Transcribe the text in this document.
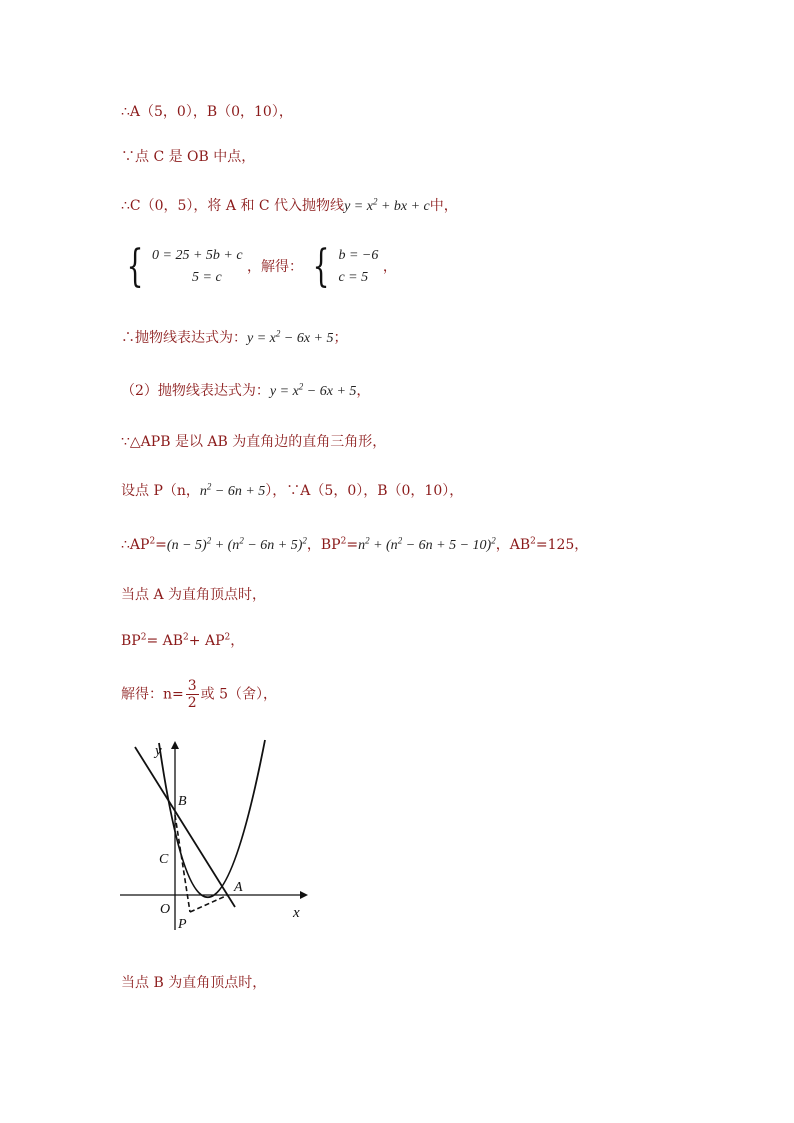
∴A（5，0），B（0，10），
∵点 C 是 OB 中点，
∴C（0，5），将 A 和 C 代入抛物线$y = x^2$ + bx + c中，
{ 0 = 25 + 5b + c
5 = c
，解得： { b = −6
c = 5
，
∴抛物线表达式为：$y = x^2 - 6x + 5$；
（2）抛物线表达式为：$y = x^2 - 6x + 5$，
∵△APB 是以 AB 为直角边的直角三角形，
设点 P（n，$n^2 - 6n + 5$），∵A（5，0），B（0，10），
$\therefore AP^2=(n - 5)^2 + (n^2 - 6n + 5)^2$，$BP^2=n^2 + (n^2 - 6n + 5 - 10)^2$，$AB^2=125$，
当点 A 为直角顶点时，
$BP^2= AB^2+ AP^2$，
解得：$n= \frac{3}{2}$ 或 5（舍），
y
x
B
C
O
A
P
当点 B 为直角顶点时，
